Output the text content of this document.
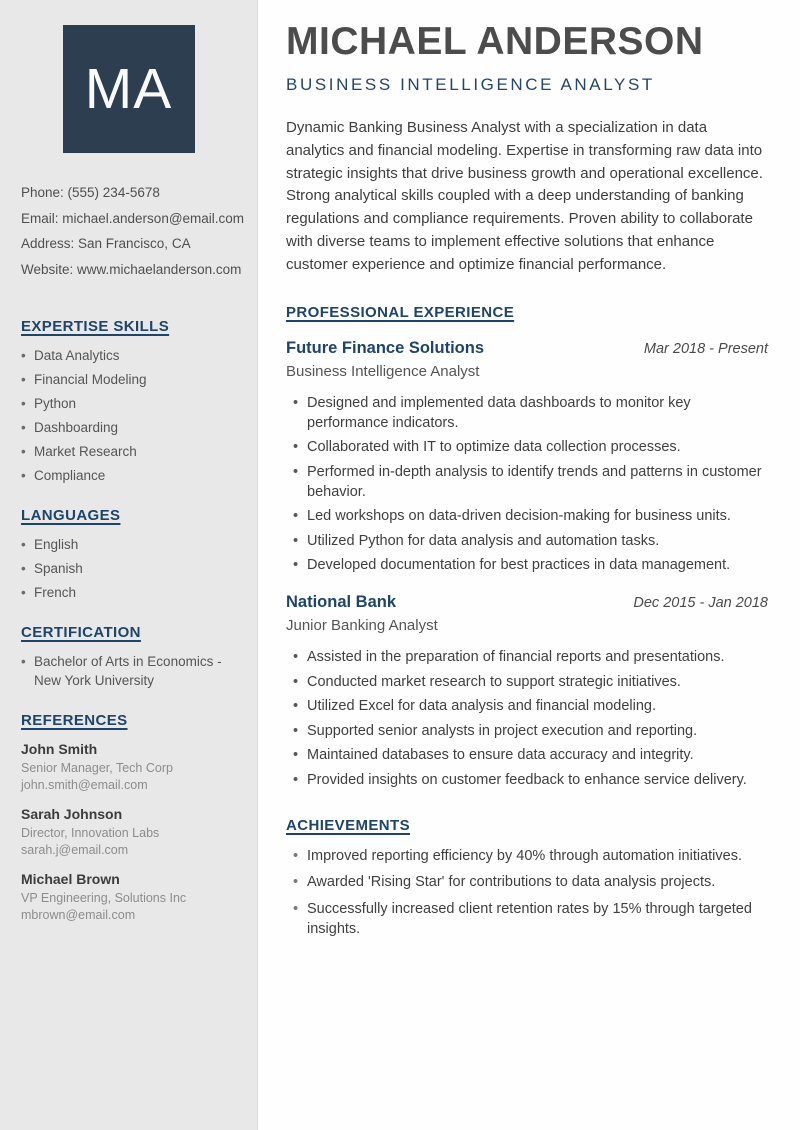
MA
Phone: (555) 234-5678
Email: michael.anderson@email.com
Address: San Francisco, CA
Website: www.michaelanderson.com
EXPERTISE SKILLS
• Data Analytics
• Financial Modeling
• Python
• Dashboarding
• Market Research
• Compliance
LANGUAGES
• English
• Spanish
• French
CERTIFICATION
• Bachelor of Arts in Economics - New York University
REFERENCES
John Smith
Senior Manager, Tech Corp
john.smith@email.com
Sarah Johnson
Director, Innovation Labs
sarah.j@email.com
Michael Brown
VP Engineering, Solutions Inc
mbrown@email.com
MICHAEL ANDERSON
BUSINESS INTELLIGENCE ANALYST

Dynamic Banking Business Analyst with a specialization in data analytics and financial modeling. Expertise in transforming raw data into strategic insights that drive business growth and operational excellence. Strong analytical skills coupled with a deep understanding of banking regulations and compliance requirements. Proven ability to collaborate with diverse teams to implement effective solutions that enhance customer experience and optimize financial performance.

PROFESSIONAL EXPERIENCE
Future Finance Solutions	Mar 2018 - Present
Business Intelligence Analyst
• Designed and implemented data dashboards to monitor key performance indicators.
• Collaborated with IT to optimize data collection processes.
• Performed in-depth analysis to identify trends and patterns in customer behavior.
• Led workshops on data-driven decision-making for business units.
• Utilized Python for data analysis and automation tasks.
• Developed documentation for best practices in data management.
National Bank	Dec 2015 - Jan 2018
Junior Banking Analyst
• Assisted in the preparation of financial reports and presentations.
• Conducted market research to support strategic initiatives.
• Utilized Excel for data analysis and financial modeling.
• Supported senior analysts in project execution and reporting.
• Maintained databases to ensure data accuracy and integrity.
• Provided insights on customer feedback to enhance service delivery.
ACHIEVEMENTS
• Improved reporting efficiency by 40% through automation initiatives.
• Awarded 'Rising Star' for contributions to data analysis projects.
• Successfully increased client retention rates by 15% through targeted insights.
